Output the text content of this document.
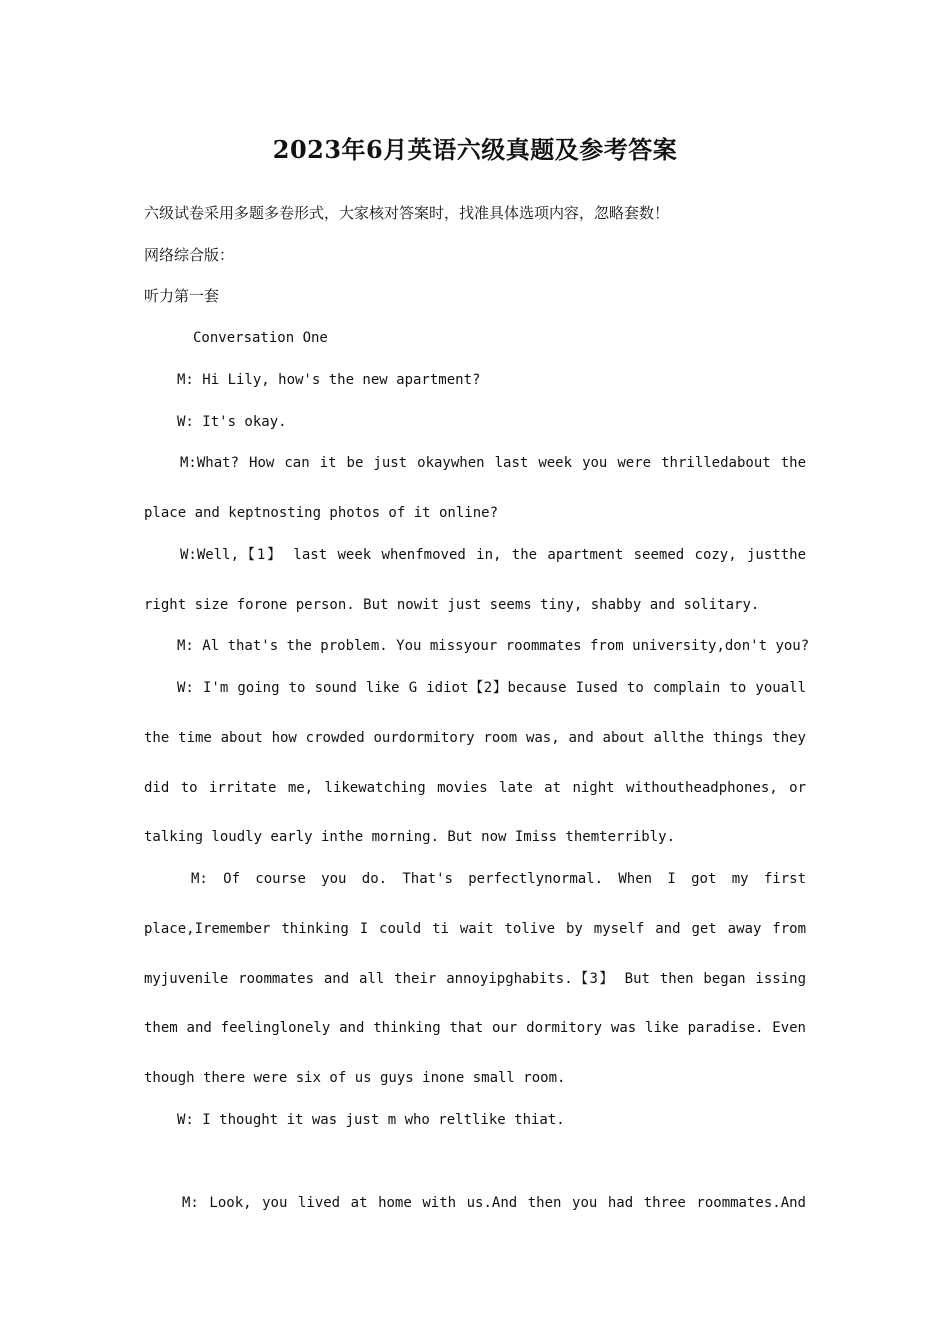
2023年6月英语六级真题及参考答案
六级试卷采用多题多卷形式，大家核对答案时，找准具体选项内容，忽略套数！
网络综合版：
听力第一套
Conversation One
M: Hi Lily, how's the new apartment?
W: It's okay.
M:What? How can it be just okaywhen last week you were thrilledabout the
place and keptnosting photos of it online?
W:Well,【1】 last week whenfmoved in, the apartment seemed cozy, justthe
right size forone person. But nowit just seems tiny, shabby and solitary.
M: Al that's the problem. You missyour roommates from university,don't you?
W: I'm going to sound like G idiot【2】because Iused to complain to youall
the time about how crowded ourdormitory room was, and about allthe things they
did to irritate me, likewatching movies late at night withoutheadphones, or
talking loudly early inthe morning. But now Imiss themterribly.
M: Of course you do. That's perfectlynormal. When I got my first
place,Iremember thinking I could ti wait tolive by myself and get away from
myjuvenile roommates and all their annoyipghabits.【3】 But then began issing
them and feelinglonely and thinking that our dormitory was like paradise. Even
though there were six of us guys inone small room.
W: I thought it was just m who reltlike thiat.
M: Look, you lived at home with us.And then you had three roommates.And
